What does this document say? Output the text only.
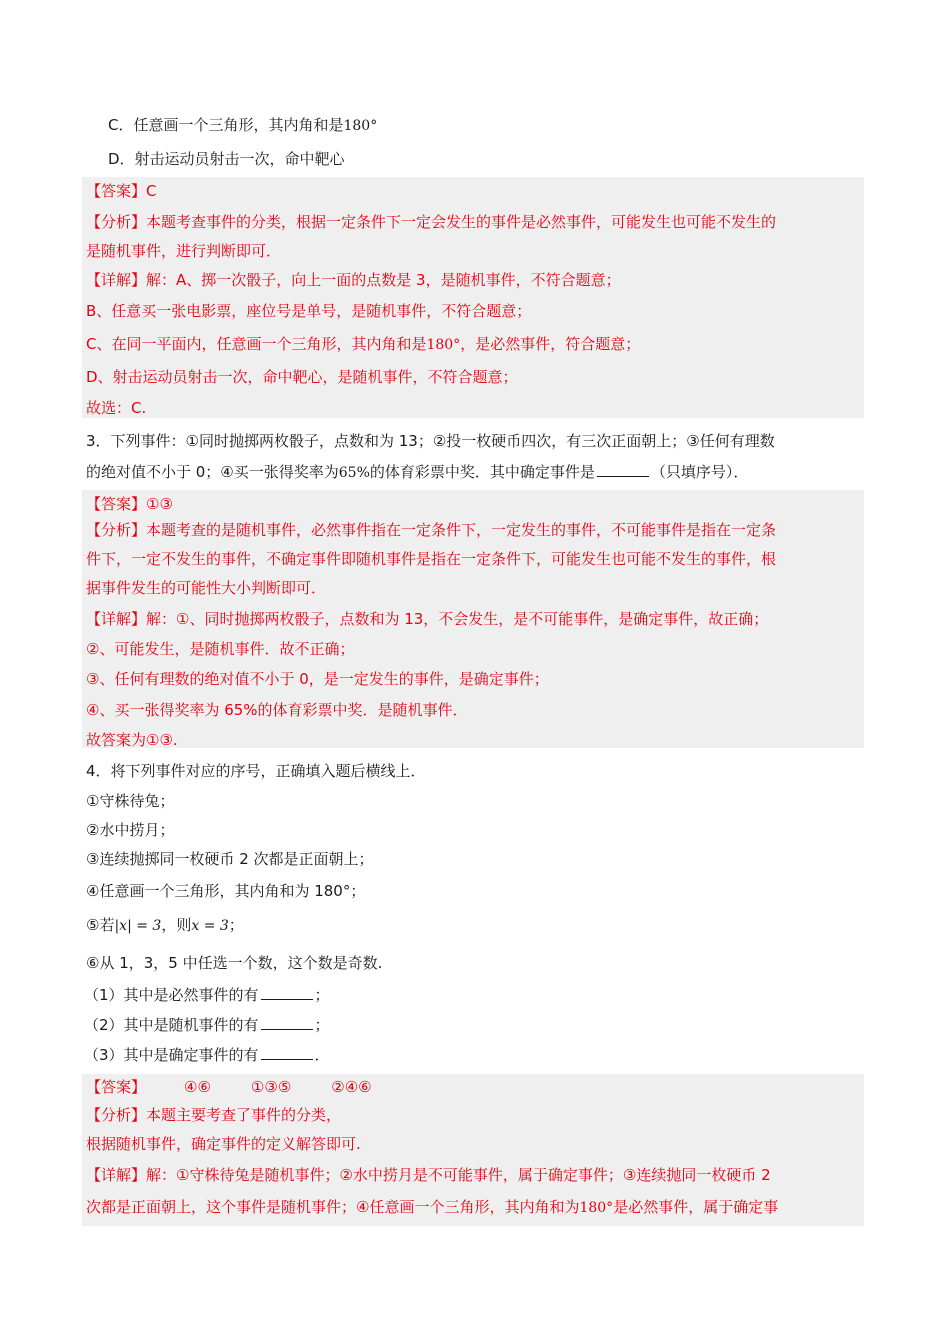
C．任意画一个三角形，其内角和是180°
D．射击运动员射击一次，命中靶心
【答案】C
【分析】本题考查事件的分类，根据一定条件下一定会发生的事件是必然事件，可能发生也可能不发生的
是随机事件，进行判断即可．
【详解】解：A、掷一次骰子，向上一面的点数是 3，是随机事件，不符合题意；
B、任意买一张电影票，座位号是单号，是随机事件，不符合题意；
C、在同一平面内，任意画一个三角形，其内角和是180°，是必然事件，符合题意；
D、射击运动员射击一次，命中靶心，是随机事件，不符合题意；
故选：C.
3．下列事件：①同时抛掷两枚骰子，点数和为 13；②投一枚硬币四次，有三次正面朝上；③任何有理数
的绝对值不小于 0；④买一张得奖率为65%的体育彩票中奖．其中确定事件是	（只填序号）．
【答案】①③
【分析】本题考查的是随机事件，必然事件指在一定条件下，一定发生的事件，不可能事件是指在一定条
件下，一定不发生的事件，不确定事件即随机事件是指在一定条件下，可能发生也可能不发生的事件，根
据事件发生的可能性大小判断即可．
【详解】解：①、同时抛掷两枚骰子，点数和为 13，不会发生，是不可能事件，是确定事件，故正确；
②、可能发生，是随机事件．故不正确；
③、任何有理数的绝对值不小于 0，是一定发生的事件，是确定事件；
④、买一张得奖率为 65%的体育彩票中奖．是随机事件．
故答案为①③.
4．将下列事件对应的序号，正确填入题后横线上．
①守株待兔；
②水中捞月；
③连续抛掷同一枚硬币 2 次都是正面朝上；
④任意画一个三角形，其内角和为 180°；
⑤若|x| = 3，则x = 3；
⑥从 1，3，5 中任选一个数，这个数是奇数.
（1）其中是必然事件的有	；
（2）其中是随机事件的有	；
（3）其中是确定事件的有	．
【答案】	④⑥	①③⑤	②④⑥
【分析】本题主要考查了事件的分类，
根据随机事件，确定事件的定义解答即可.
【详解】解：①守株待兔是随机事件；②水中捞月是不可能事件，属于确定事件；③连续抛同一枚硬币 2
次都是正面朝上，这个事件是随机事件；④任意画一个三角形，其内角和为180°是必然事件，属于确定事
